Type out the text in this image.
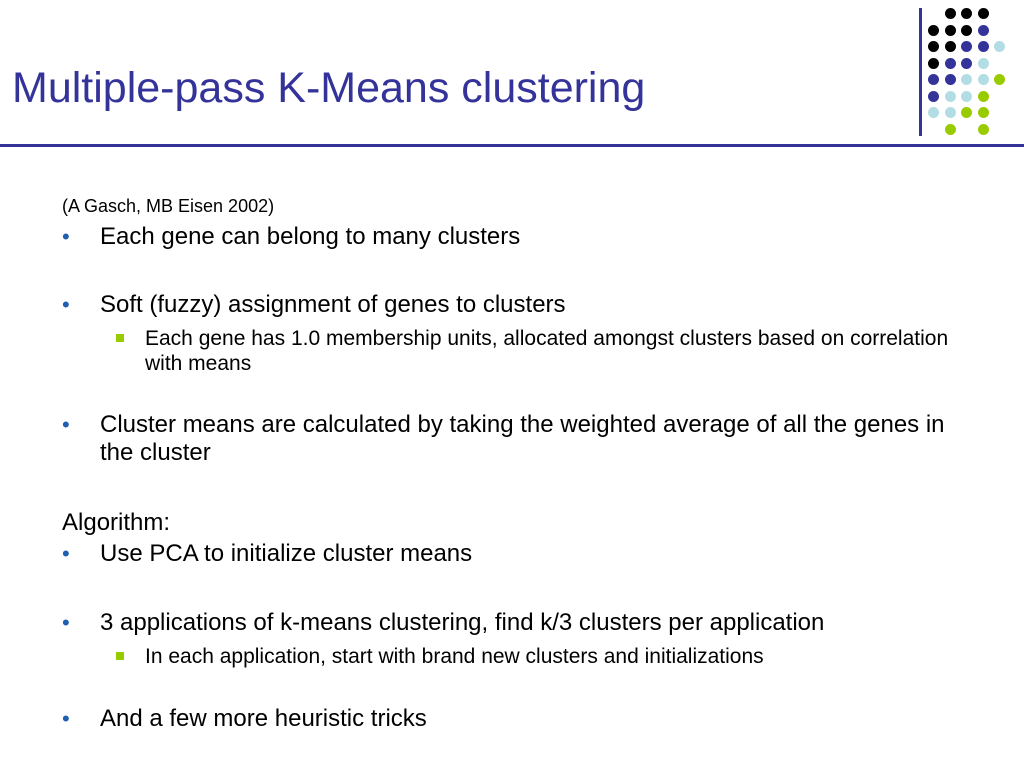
Multiple-pass K-Means clustering
(A Gasch, MB Eisen 2002)
• Each gene can belong to many clusters
• Soft (fuzzy) assignment of genes to clusters
Each gene has 1.0 membership units, allocated amongst clusters based on correlation with means
• Cluster means are calculated by taking the weighted average of all the genes in the cluster
Algorithm:
• Use PCA to initialize cluster means
• 3 applications of k-means clustering, find k/3 clusters per application
In each application, start with brand new clusters and initializations
• And a few more heuristic tricks
